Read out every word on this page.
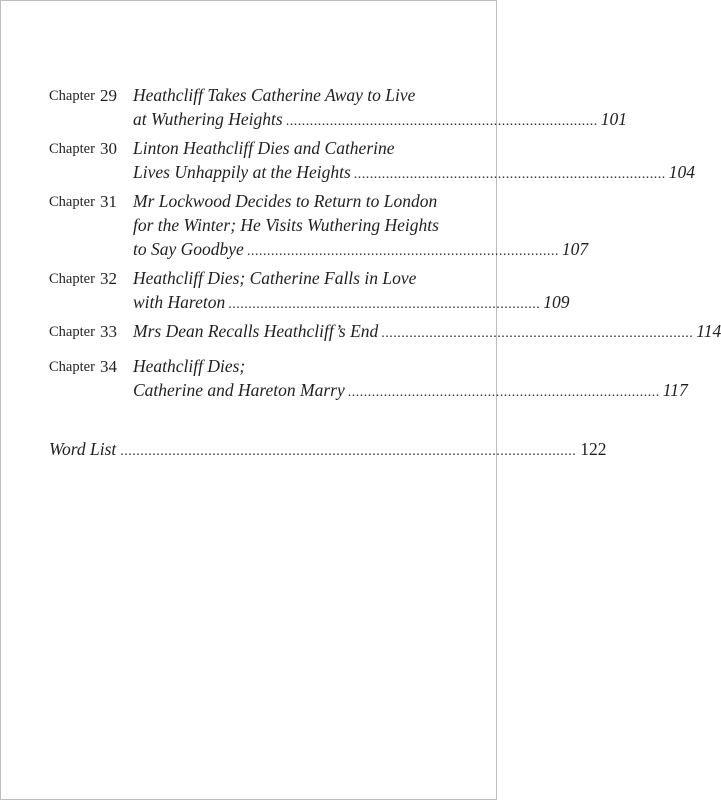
Chapter 29 Heathcliff Takes Catherine Away to Live
at Wuthering Heights .............................................................................. 101
Chapter 30 Linton Heathcliff Dies and Catherine
Lives Unhappily at the Heights .............................................................................. 104
Chapter 31 Mr Lockwood Decides to Return to London
for the Winter; He Visits Wuthering Heights
to Say Goodbye .............................................................................. 107
Chapter 32 Heathcliff Dies; Catherine Falls in Love
with Hareton .............................................................................. 109
Chapter 33 Mrs Dean Recalls Heathcliff’s End .............................................................................. 114
Chapter 34 Heathcliff Dies;
Catherine and Hareton Marry .............................................................................. 117
Word List .................................................................................................................. 122
